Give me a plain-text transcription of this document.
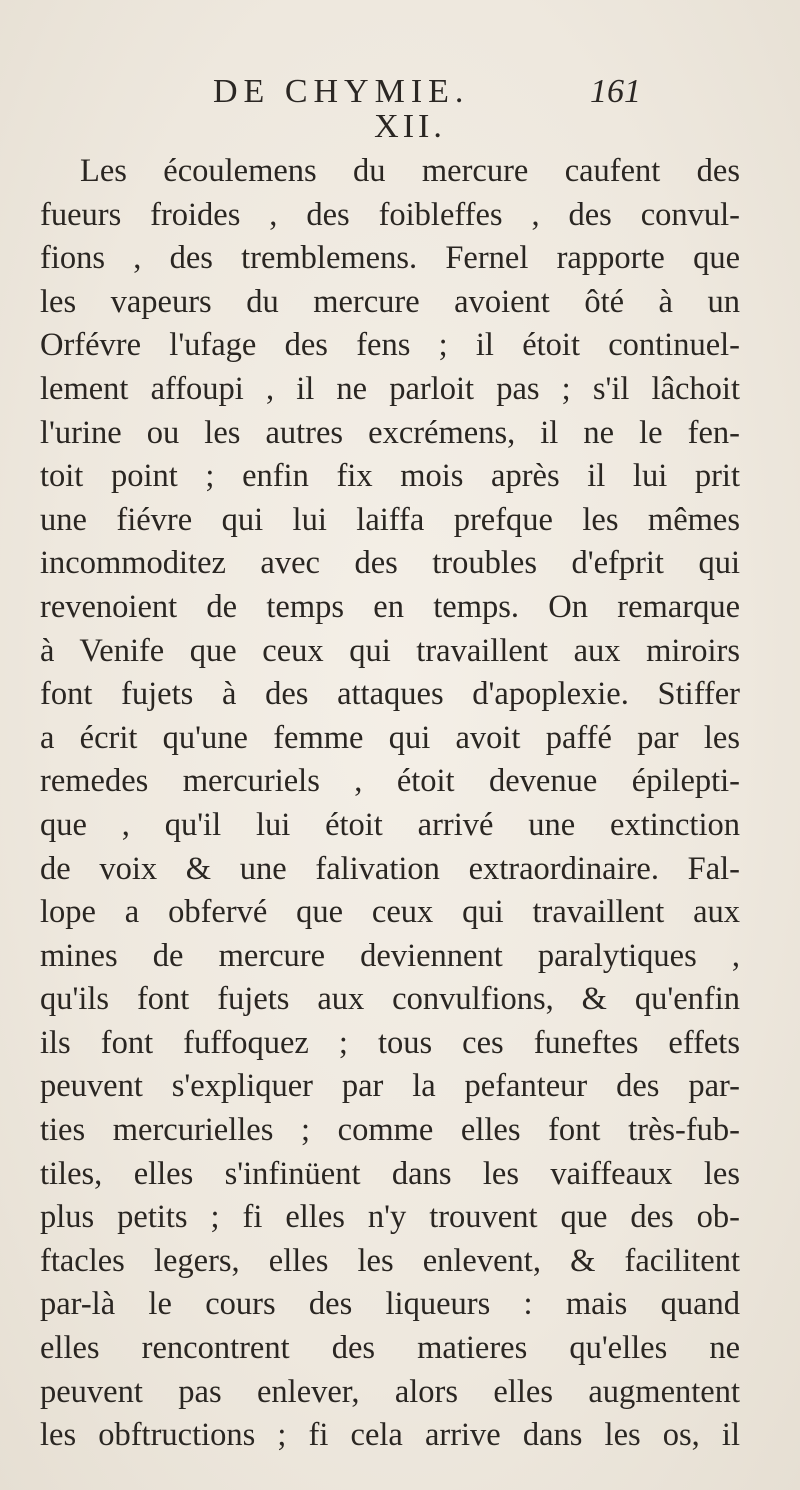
DE CHYMIE.	161
XII.
Les écoulemens du mercure caufent des
fueurs froides , des foibleffes , des convul-
fions , des tremblemens. Fernel rapporte que
les vapeurs du mercure avoient ôté à un
Orfévre l'ufage des fens ; il étoit continuel-
lement affoupi , il ne parloit pas ; s'il lâchoit
l'urine ou les autres excrémens, il ne le fen-
toit point ; enfin fix mois après il lui prit
une fiévre qui lui laiffa prefque les mêmes
incommoditez avec des troubles d'efprit qui
revenoient de temps en temps. On remarque
à Venife que ceux qui travaillent aux miroirs
font fujets à des attaques d'apoplexie. Stiffer
a écrit qu'une femme qui avoit paffé par les
remedes mercuriels , étoit devenue épilepti-
que , qu'il lui étoit arrivé une extinction
de voix & une falivation extraordinaire. Fal-
lope a obfervé que ceux qui travaillent aux
mines de mercure deviennent paralytiques ,
qu'ils font fujets aux convulfions, & qu'enfin
ils font fuffoquez ; tous ces funeftes effets
peuvent s'expliquer par la pefanteur des par-
ties mercurielles ; comme elles font très-fub-
tiles, elles s'infinüent dans les vaiffeaux les
plus petits ; fi elles n'y trouvent que des ob-
ftacles legers, elles les enlevent, & facilitent
par-là le cours des liqueurs : mais quand
elles rencontrent des matieres qu'elles ne
peuvent pas enlever, alors elles augmentent
les obftructions ; fi cela arrive dans les os, il
